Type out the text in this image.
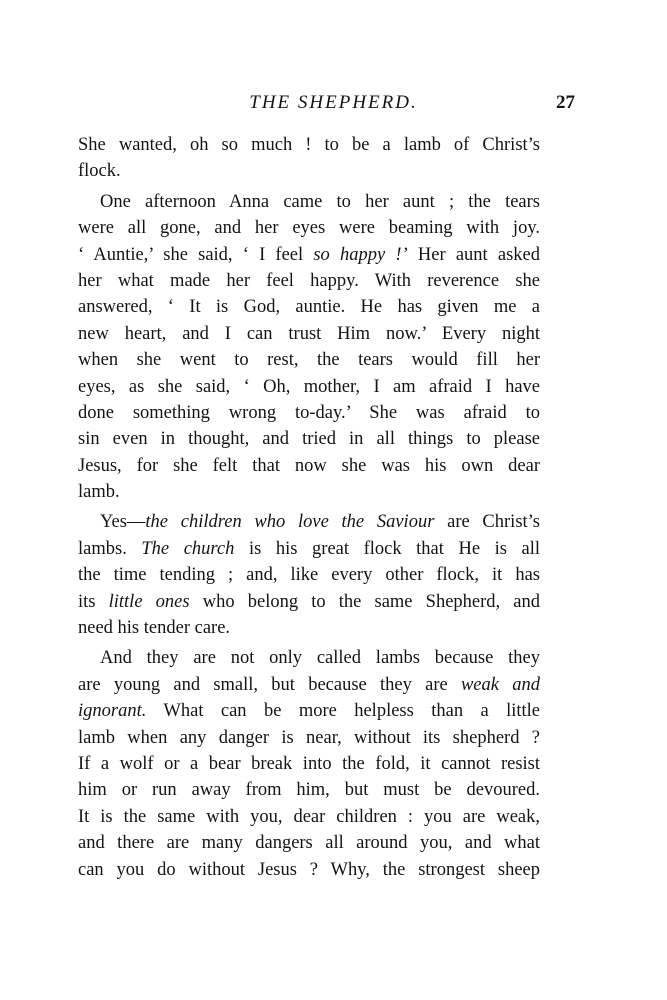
THE SHEPHERD.	27
She wanted, oh so much ! to be a lamb of Christ’s
flock.
One afternoon Anna came to her aunt ; the tears
were all gone, and her eyes were beaming with joy.
‘ Auntie,’ she said, ‘ I feel so happy !’ Her aunt asked
her what made her feel happy. With reverence she
answered, ‘ It is God, auntie. He has given me a
new heart, and I can trust Him now.’ Every night
when she went to rest, the tears would fill her
eyes, as she said, ‘ Oh, mother, I am afraid I have
done something wrong to-day.’ She was afraid to
sin even in thought, and tried in all things to please
Jesus, for she felt that now she was his own dear
lamb.
Yes—the children who love the Saviour are Christ’s
lambs. The church is his great flock that He is all
the time tending ; and, like every other flock, it has
its little ones who belong to the same Shepherd, and
need his tender care.
And they are not only called lambs because they
are young and small, but because they are weak and
ignorant. What can be more helpless than a little
lamb when any danger is near, without its shepherd ?
If a wolf or a bear break into the fold, it cannot resist
him or run away from him, but must be devoured.
It is the same with you, dear children : you are weak,
and there are many dangers all around you, and what
can you do without Jesus ? Why, the strongest sheep
